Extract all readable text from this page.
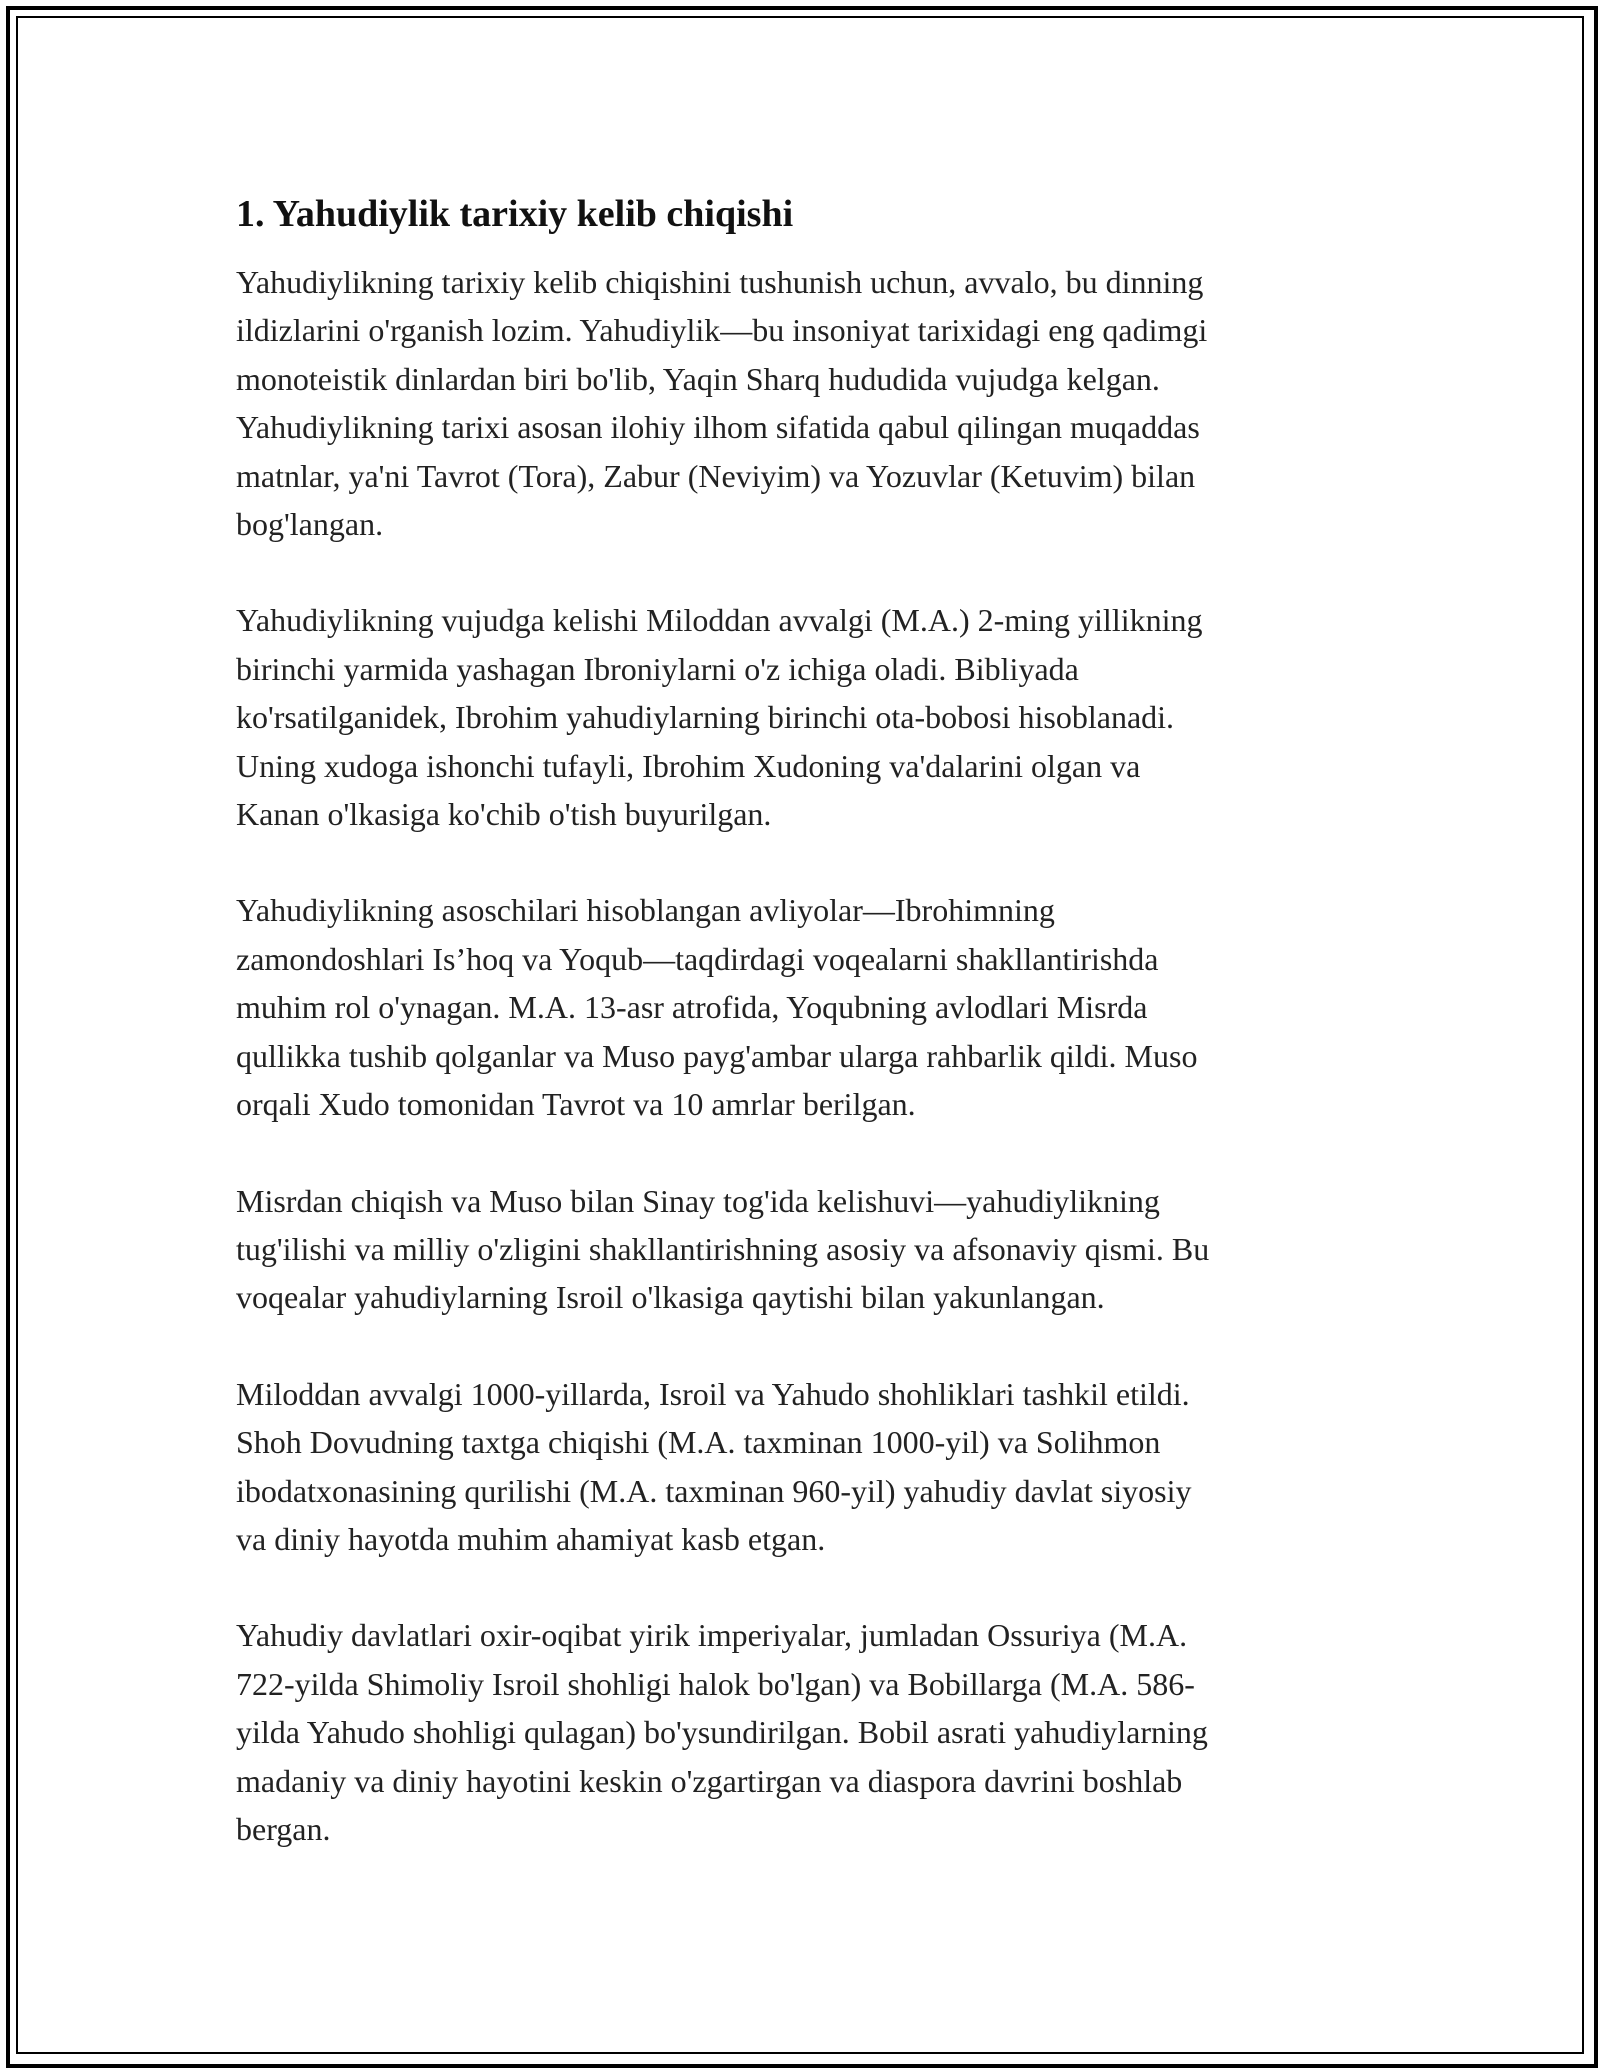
1. Yahudiylik tarixiy kelib chiqishi

Yahudiylikning tarixiy kelib chiqishini tushunish uchun, avvalo, bu dinning
ildizlarini o'rganish lozim. Yahudiylik—bu insoniyat tarixidagi eng qadimgi
monoteistik dinlardan biri bo'lib, Yaqin Sharq hududida vujudga kelgan.
Yahudiylikning tarixi asosan ilohiy ilhom sifatida qabul qilingan muqaddas
matnlar, ya'ni Tavrot (Tora), Zabur (Neviyim) va Yozuvlar (Ketuvim) bilan
bog'langan.

Yahudiylikning vujudga kelishi Miloddan avvalgi (M.A.) 2-ming yillikning
birinchi yarmida yashagan Ibroniylarni o'z ichiga oladi. Bibliyada
ko'rsatilganidek, Ibrohim yahudiylarning birinchi ota-bobosi hisoblanadi.
Uning xudoga ishonchi tufayli, Ibrohim Xudoning va'dalarini olgan va
Kanan o'lkasiga ko'chib o'tish buyurilgan.

Yahudiylikning asoschilari hisoblangan avliyolar—Ibrohimning
zamondoshlari Is’hoq va Yoqub—taqdirdagi voqealarni shakllantirishda
muhim rol o'ynagan. M.A. 13-asr atrofida, Yoqubning avlodlari Misrda
qullikka tushib qolganlar va Muso payg'ambar ularga rahbarlik qildi. Muso
orqali Xudo tomonidan Tavrot va 10 amrlar berilgan.

Misrdan chiqish va Muso bilan Sinay tog'ida kelishuvi—yahudiylikning
tug'ilishi va milliy o'zligini shakllantirishning asosiy va afsonaviy qismi. Bu
voqealar yahudiylarning Isroil o'lkasiga qaytishi bilan yakunlangan.

Miloddan avvalgi 1000-yillarda, Isroil va Yahudo shohliklari tashkil etildi.
Shoh Dovudning taxtga chiqishi (M.A. taxminan 1000-yil) va Solihmon
ibodatxonasining qurilishi (M.A. taxminan 960-yil) yahudiy davlat siyosiy
va diniy hayotda muhim ahamiyat kasb etgan.

Yahudiy davlatlari oxir-oqibat yirik imperiyalar, jumladan Ossuriya (M.A.
722-yilda Shimoliy Isroil shohligi halok bo'lgan) va Bobillarga (M.A. 586-
yilda Yahudo shohligi qulagan) bo'ysundirilgan. Bobil asrati yahudiylarning
madaniy va diniy hayotini keskin o'zgartirgan va diaspora davrini boshlab
bergan.
